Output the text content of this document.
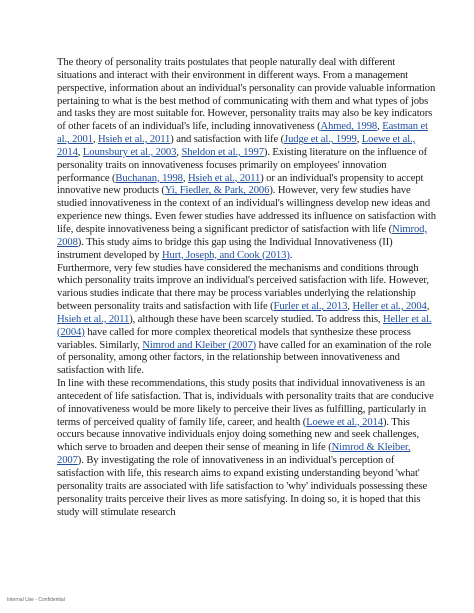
The theory of personality traits postulates that people naturally deal with different situations and interact with their environment in different ways. From a management perspective, information about an individual's personality can provide valuable information pertaining to what is the best method of communicating with them and what types of jobs and tasks they are most suitable for. However, personality traits may also be key indicators of other facets of an individual's life, including innovativeness (Ahmed, 1998, Eastman et al., 2001, Hsieh et al., 2011) and satisfaction with life (Judge et al., 1999, Loewe et al., 2014, Lounsbury et al., 2003, Sheldon et al., 1997). Existing literature on the influence of personality traits on innovativeness focuses primarily on employees' innovation performance (Buchanan, 1998, Hsieh et al., 2011) or an individual's propensity to accept innovative new products (Yi, Fiedler, & Park, 2006). However, very few studies have studied innovativeness in the context of an individual's willingness develop new ideas and experience new things. Even fewer studies have addressed its influence on satisfaction with life, despite innovativeness being a significant predictor of satisfaction with life (Nimrod, 2008). This study aims to bridge this gap using the Individual Innovativeness (II) instrument developed by Hurt, Joseph, and Cook (2013).

Furthermore, very few studies have considered the mechanisms and conditions through which personality traits improve an individual's perceived satisfaction with life. However, various studies indicate that there may be process variables underlying the relationship between personality traits and satisfaction with life (Furler et al., 2013, Heller et al., 2004, Hsieh et al., 2011), although these have been scarcely studied. To address this, Heller et al. (2004) have called for more complex theoretical models that synthesize these process variables. Similarly, Nimrod and Kleiber (2007) have called for an examination of the role of personality, among other factors, in the relationship between innovativeness and satisfaction with life.

In line with these recommendations, this study posits that individual innovativeness is an antecedent of life satisfaction. That is, individuals with personality traits that are conducive of innovativeness would be more likely to perceive their lives as fulfilling, particularly in terms of perceived quality of family life, career, and health (Loewe et al., 2014). This occurs because innovative individuals enjoy doing something new and seek challenges, which serve to broaden and deepen their sense of meaning in life (Nimrod & Kleiber, 2007). By investigating the role of innovativeness in an individual's perception of satisfaction with life, this research aims to expand existing understanding beyond 'what' personality traits are associated with life satisfaction to 'why' individuals possessing these personality traits perceive their lives as more satisfying. In doing so, it is hoped that this study will stimulate research

Internal Use - Confidential
